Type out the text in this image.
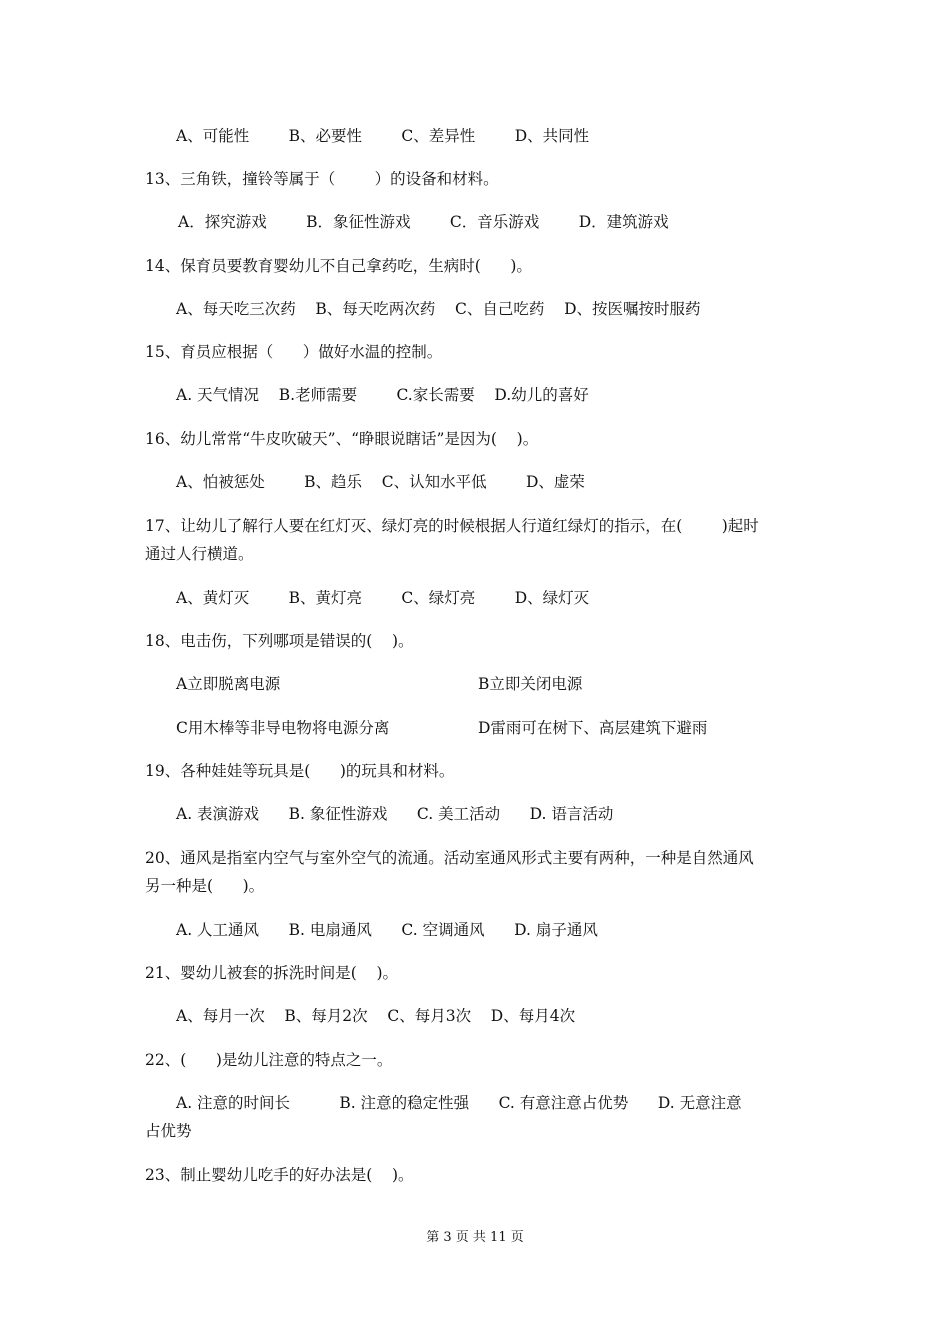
A、可能性        B、必要性        C、差异性        D、共同性
13、三角铁，撞铃等属于（        ）的设备和材料。
A．探究游戏        B．象征性游戏        C．音乐游戏        D．建筑游戏
14、保育员要教育婴幼儿不自己拿药吃，生病时(      )。
A、每天吃三次药    B、每天吃两次药    C、自己吃药    D、按医嘱按时服药
15、育员应根据（      ）做好水温的控制。
A. 天气情况    B.老师需要        C.家长需要    D.幼儿的喜好
16、幼儿常常“牛皮吹破天”、“睁眼说瞎话”是因为(    )。
A、怕被惩处        B、趋乐    C、认知水平低        D、虚荣
17、让幼儿了解行人要在红灯灭、绿灯亮的时候根据人行道红绿灯的指示，在(        )起时
通过人行横道。
A、黄灯灭        B、黄灯亮        C、绿灯亮        D、绿灯灭
18、电击伤，下列哪项是错误的(    )。
A立即脱离电源	B立即关闭电源
C用木棒等非导电物将电源分离	D雷雨可在树下、高层建筑下避雨
19、各种娃娃等玩具是(      )的玩具和材料。
A. 表演游戏      B. 象征性游戏      C. 美工活动      D. 语言活动
20、通风是指室内空气与室外空气的流通。活动室通风形式主要有两种，一种是自然通风
另一种是(      )。
A. 人工通风      B. 电扇通风      C. 空调通风      D. 扇子通风
21、婴幼儿被套的拆洗时间是(    )。
A、每月一次    B、每月2次    C、每月3次    D、每月4次
22、(      )是幼儿注意的特点之一。
A. 注意的时间长          B. 注意的稳定性强      C. 有意注意占优势      D. 无意注意
占优势
23、制止婴幼儿吃手的好办法是(    )。
第 3 页 共 11 页
